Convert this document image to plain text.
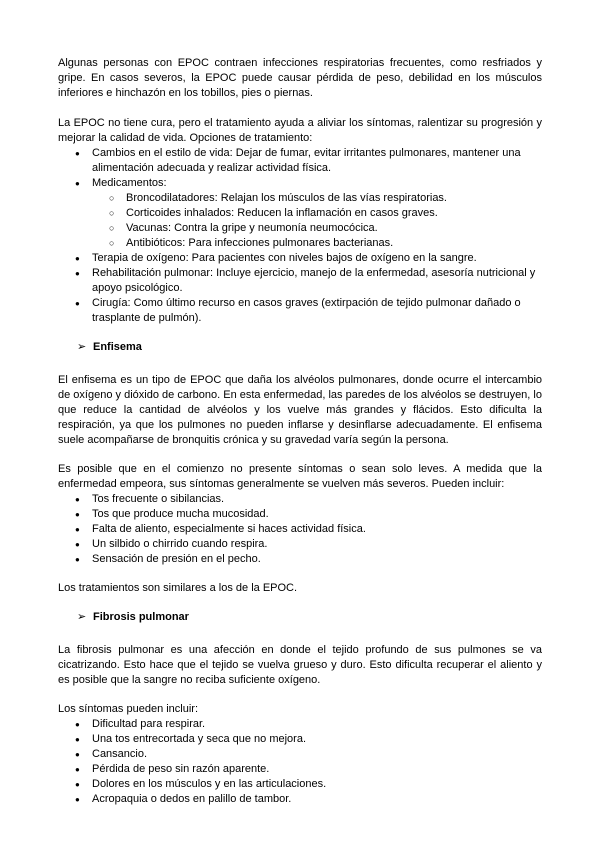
Algunas personas con EPOC contraen infecciones respiratorias frecuentes, como resfriados y gripe. En casos severos, la EPOC puede causar pérdida de peso, debilidad en los músculos inferiores e hinchazón en los tobillos, pies o piernas.

La EPOC no tiene cura, pero el tratamiento ayuda a aliviar los síntomas, ralentizar su progresión y mejorar la calidad de vida. Opciones de tratamiento:

● Cambios en el estilo de vida: Dejar de fumar, evitar irritantes pulmonares, mantener una alimentación adecuada y realizar actividad física.
● Medicamentos:
○ Broncodilatadores: Relajan los músculos de las vías respiratorias.
○ Corticoides inhalados: Reducen la inflamación en casos graves.
○ Vacunas: Contra la gripe y neumonía neumocócica.
○ Antibióticos: Para infecciones pulmonares bacterianas.
● Terapia de oxígeno: Para pacientes con niveles bajos de oxígeno en la sangre.
● Rehabilitación pulmonar: Incluye ejercicio, manejo de la enfermedad, asesoría nutricional y apoyo psicológico.
● Cirugía: Como último recurso en casos graves (extirpación de tejido pulmonar dañado o trasplante de pulmón).

➢ Enfisema

El enfisema es un tipo de EPOC que daña los alvéolos pulmonares, donde ocurre el intercambio de oxígeno y dióxido de carbono. En esta enfermedad, las paredes de los alvéolos se destruyen, lo que reduce la cantidad de alvéolos y los vuelve más grandes y flácidos. Esto dificulta la respiración, ya que los pulmones no pueden inflarse y desinflarse adecuadamente. El enfisema suele acompañarse de bronquitis crónica y su gravedad varía según la persona.

Es posible que en el comienzo no presente síntomas o sean solo leves. A medida que la enfermedad empeora, sus síntomas generalmente se vuelven más severos. Pueden incluir:

● Tos frecuente o sibilancias.
● Tos que produce mucha mucosidad.
● Falta de aliento, especialmente si haces actividad física.
● Un silbido o chirrido cuando respira.
● Sensación de presión en el pecho.

Los tratamientos son similares a los de la EPOC.

➢ Fibrosis pulmonar

La fibrosis pulmonar es una afección en donde el tejido profundo de sus pulmones se va cicatrizando. Esto hace que el tejido se vuelva grueso y duro. Esto dificulta recuperar el aliento y es posible que la sangre no reciba suficiente oxígeno.

Los síntomas pueden incluir:

● Dificultad para respirar.
● Una tos entrecortada y seca que no mejora.
● Cansancio.
● Pérdida de peso sin razón aparente.
● Dolores en los músculos y en las articulaciones.
● Acropaquia o dedos en palillo de tambor.
